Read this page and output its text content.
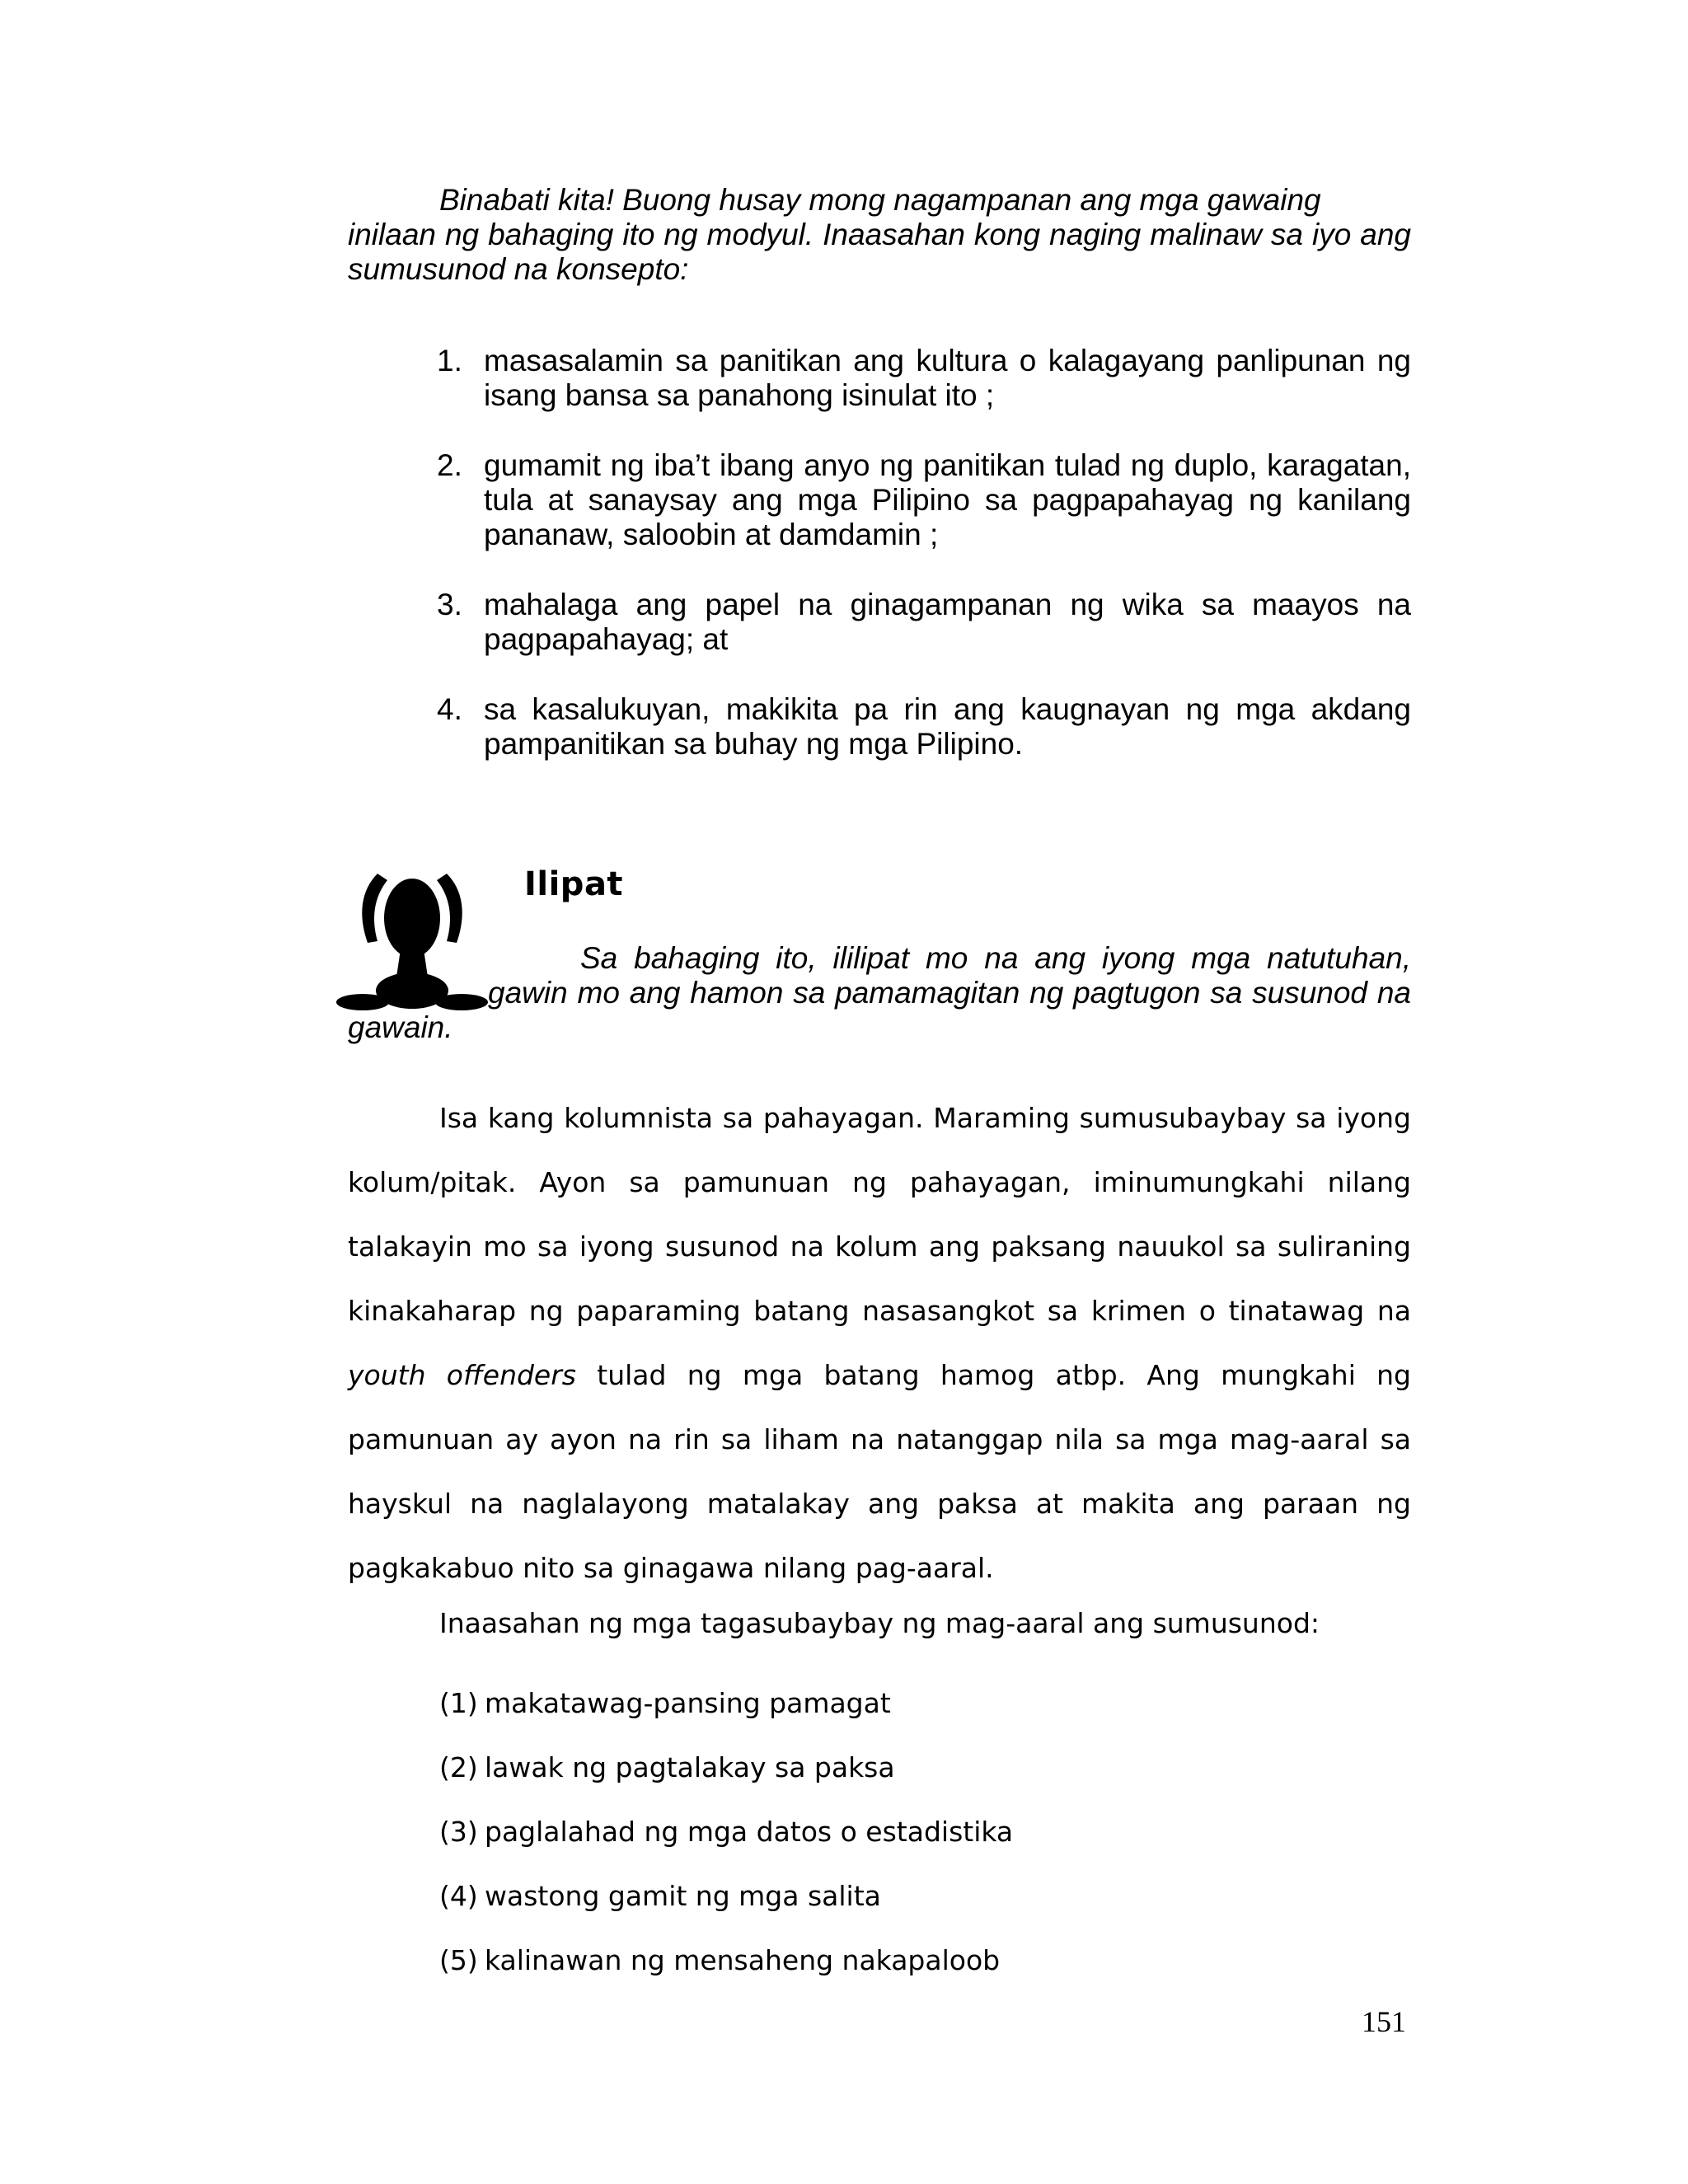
Binabati kita! Buong husay mong nagampanan ang mga gawaing
inilaan ng bahaging ito ng modyul. Inaasahan kong naging malinaw sa iyo ang sumusunod na konsepto:

1. masasalamin sa panitikan ang kultura o kalagayang panlipunan ng isang bansa sa panahong isinulat ito ;
2. gumamit ng iba’t ibang anyo ng panitikan tulad ng duplo, karagatan, tula at sanaysay ang mga Pilipino sa pagpapahayag ng kanilang pananaw, saloobin at damdamin ;
3. mahalaga ang papel na ginagampanan ng wika sa maayos na pagpapahayag; at
4. sa kasalukuyan, makikita pa rin ang kaugnayan ng mga akdang pampanitikan sa buhay ng mga Pilipino.
Ilipat

Sa bahaging ito, ililipat mo na ang iyong mga natutuhan,
gawin mo ang hamon sa pamamagitan ng pagtugon sa susunod na
gawain.

Isa kang kolumnista sa pahayagan. Maraming sumusubaybay sa iyong
kolum/pitak. Ayon sa pamunuan ng pahayagan, iminumungkahi nilang
talakayin mo sa iyong susunod na kolum ang paksang nauukol sa suliraning
kinakaharap ng paparaming batang nasasangkot sa krimen o tinatawag na
youth offenders tulad ng mga batang hamog atbp. Ang mungkahi ng
pamunuan ay ayon na rin sa liham na natanggap nila sa mga mag-aaral sa
hayskul na naglalayong matalakay ang paksa at makita ang paraan ng
pagkakabuo nito sa ginagawa nilang pag-aaral.

Inaasahan ng mga tagasubaybay ng mag-aaral ang sumusunod:

(1) makatawag-pansing pamagat
(2) lawak ng pagtalakay sa paksa
(3) paglalahad ng mga datos o estadistika
(4) wastong gamit ng mga salita
(5) kalinawan ng mensaheng nakapaloob
151
